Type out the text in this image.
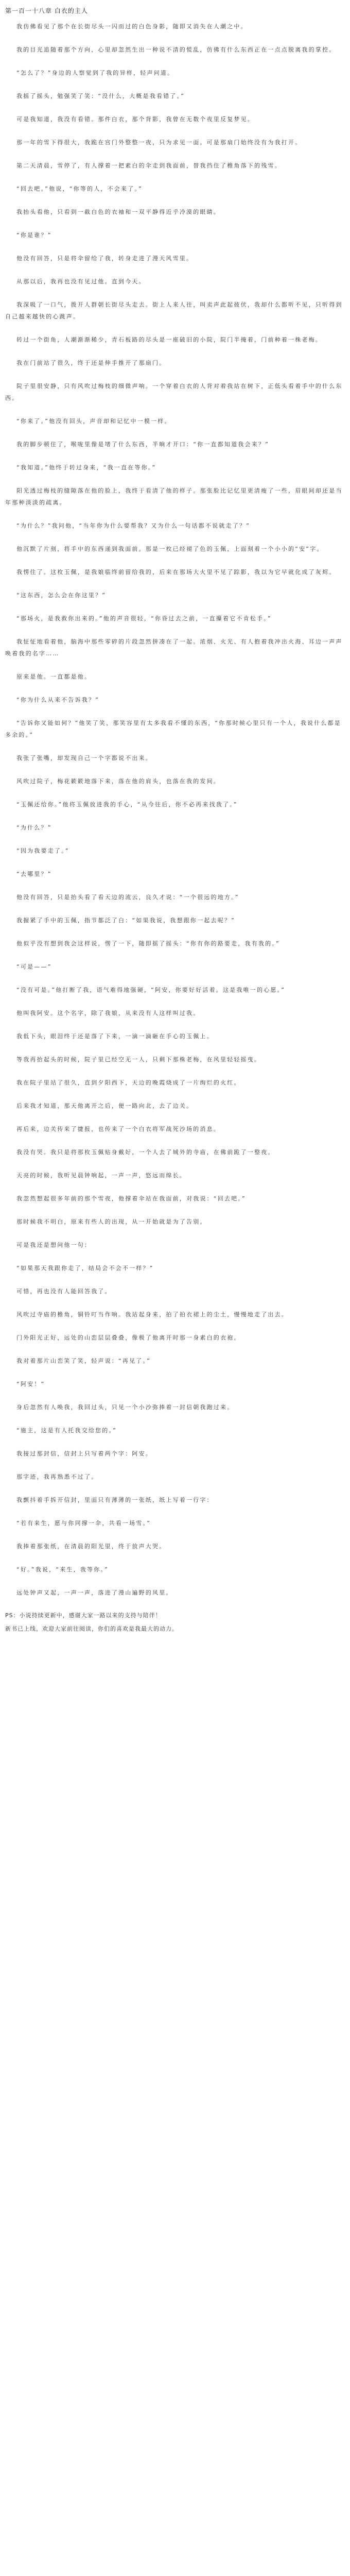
第一百一十八章 白衣的主人

我仿佛看见了那个在长街尽头一闪而过的白色身影，随即又消失在人潮之中。

我的目光追随着那个方向，心里却忽然生出一种说不清的慌乱，仿佛有什么东西正在一点点脱离我的掌控。

“怎么了？”身边的人察觉到了我的异样，轻声问道。

我摇了摇头，勉强笑了笑：“没什么，大概是我看错了。”

可是我知道，我没有看错。那件白衣，那个背影，我曾在无数个夜里反复梦见。

那一年的雪下得很大，我跪在宫门外整整一夜，只为求见一面。可是那扇门始终没有为我打开。

第二天清晨，雪停了，有人撑着一把素白的伞走到我面前，替我挡住了檐角落下的残雪。

“回去吧。”他说，“你等的人，不会来了。”

我抬头看他，只看到一截白色的衣袖和一双平静得近乎冷漠的眼睛。

“你是谁？”

他没有回答，只是将伞留给了我，转身走进了漫天风雪里。

从那以后，我再也没有见过他。直到今天。

我深吸了一口气，拨开人群朝长街尽头走去。街上人来人往，叫卖声此起彼伏，我却什么都听不见，只听得到自己越来越快的心跳声。

转过一个街角，人潮渐渐稀少，青石板路的尽头是一座破旧的小院，院门半掩着，门前种着一株老梅。

我在门前站了很久，终于还是伸手推开了那扇门。

院子里很安静，只有风吹过梅枝的细微声响。一个穿着白衣的人背对着我站在树下，正低头看着手中的什么东西。

“你来了。”他没有回头，声音却和记忆中一模一样。

我的脚步顿住了，喉咙里像是堵了什么东西，半晌才开口：“你一直都知道我会来？”

“我知道。”他终于转过身来，“我一直在等你。”

阳光透过梅枝的缝隙落在他的脸上，我终于看清了他的样子。那张脸比记忆里更清瘦了一些，眉眼间却还是当年那种淡淡的疏离。

“为什么？”我问他，“当年你为什么要帮我？又为什么一句话都不说就走了？”

他沉默了片刻，将手中的东西递到我面前。那是一枚已经褪了色的玉佩，上面刻着一个小小的“安”字。

我愣住了。这枚玉佩，是我娘临终前留给我的，后来在那场大火里不见了踪影，我以为它早就化成了灰烬。

“这东西，怎么会在你这里？”

“那场火，是我救你出来的。”他的声音很轻，“你昏过去之前，一直攥着它不肯松手。”

我怔怔地看着他，脑海中那些零碎的片段忽然拼凑在了一起。浓烟、火光、有人抱着我冲出火海、耳边一声声唤着我的名字……

原来是他。一直都是他。

“你为什么从来不告诉我？”

“告诉你又能如何？”他笑了笑，那笑容里有太多我看不懂的东西，“你那时候心里只有一个人，我说什么都是多余的。”

我张了张嘴，却发现自己一个字都说不出来。

风吹过院子，梅花簌簌地落下来，落在他的肩头，也落在我的发间。

“玉佩还给你。”他将玉佩放进我的手心，“从今往后，你不必再来找我了。”

“为什么？”

“因为我要走了。”

“去哪里？”

他没有回答，只是抬头看了看天边的流云，良久才说：“一个很远的地方。”

我握紧了手中的玉佩，指节都泛了白：“如果我说，我想跟你一起去呢？”

他似乎没有想到我会这样说，愣了一下，随即摇了摇头：“你有你的路要走，我有我的。”

“可是——”

“没有可是。”他打断了我，语气难得地强硬，“阿安，你要好好活着。这是我唯一的心愿。”

他叫我阿安。这个名字，除了我娘，从来没有人这样叫过我。

我低下头，眼泪终于还是落了下来，一滴一滴砸在手心的玉佩上。

等我再抬起头的时候，院子里已经空无一人，只剩下那株老梅，在风里轻轻摇曳。

我在院子里站了很久，直到夕阳西下，天边的晚霞烧成了一片绚烂的火红。

后来我才知道，那天他离开之后，便一路向北，去了边关。

再后来，边关传来了捷报，也传来了一个白衣将军战死沙场的消息。

我没有哭。我只是将那枚玉佩贴身戴好，一个人去了城外的寺庙，在佛前跪了一整夜。

天亮的时候，我听见晨钟响起，一声一声，悠远而绵长。

我忽然想起很多年前的那个雪夜，他撑着伞站在我面前，对我说：“回去吧。”

那时候我不明白，原来有些人的出现，从一开始就是为了告别。

可是我还是想问他一句：

“如果那天我跟你走了，结局会不会不一样？”

可惜，再也没有人能回答我了。

风吹过寺庙的檐角，铜铃叮当作响。我站起身来，拍了拍衣裙上的尘土，慢慢地走了出去。

门外阳光正好，远处的山峦层层叠叠，像极了他离开时那一身素白的衣袍。

我对着那片山峦笑了笑，轻声说：“再见了。”

“阿安！”

身后忽然有人唤我，我回过头，只见一个小沙弥捧着一封信朝我跑过来。

“施主，这是有人托我交给您的。”

我接过那封信，信封上只写着两个字：阿安。

那字迹，我再熟悉不过了。

我颤抖着手拆开信封，里面只有薄薄的一张纸，纸上写着一行字：

“若有来生，愿与你同撑一伞，共看一场雪。”

我捧着那张纸，在清晨的阳光里，终于放声大哭。

“好。”我说，“来生，我等你。”

远处钟声又起，一声一声，落进了漫山遍野的风里。

PS：小说持续更新中，感谢大家一路以来的支持与陪伴！
新书已上线，欢迎大家前往阅读，你们的喜欢是我最大的动力。
